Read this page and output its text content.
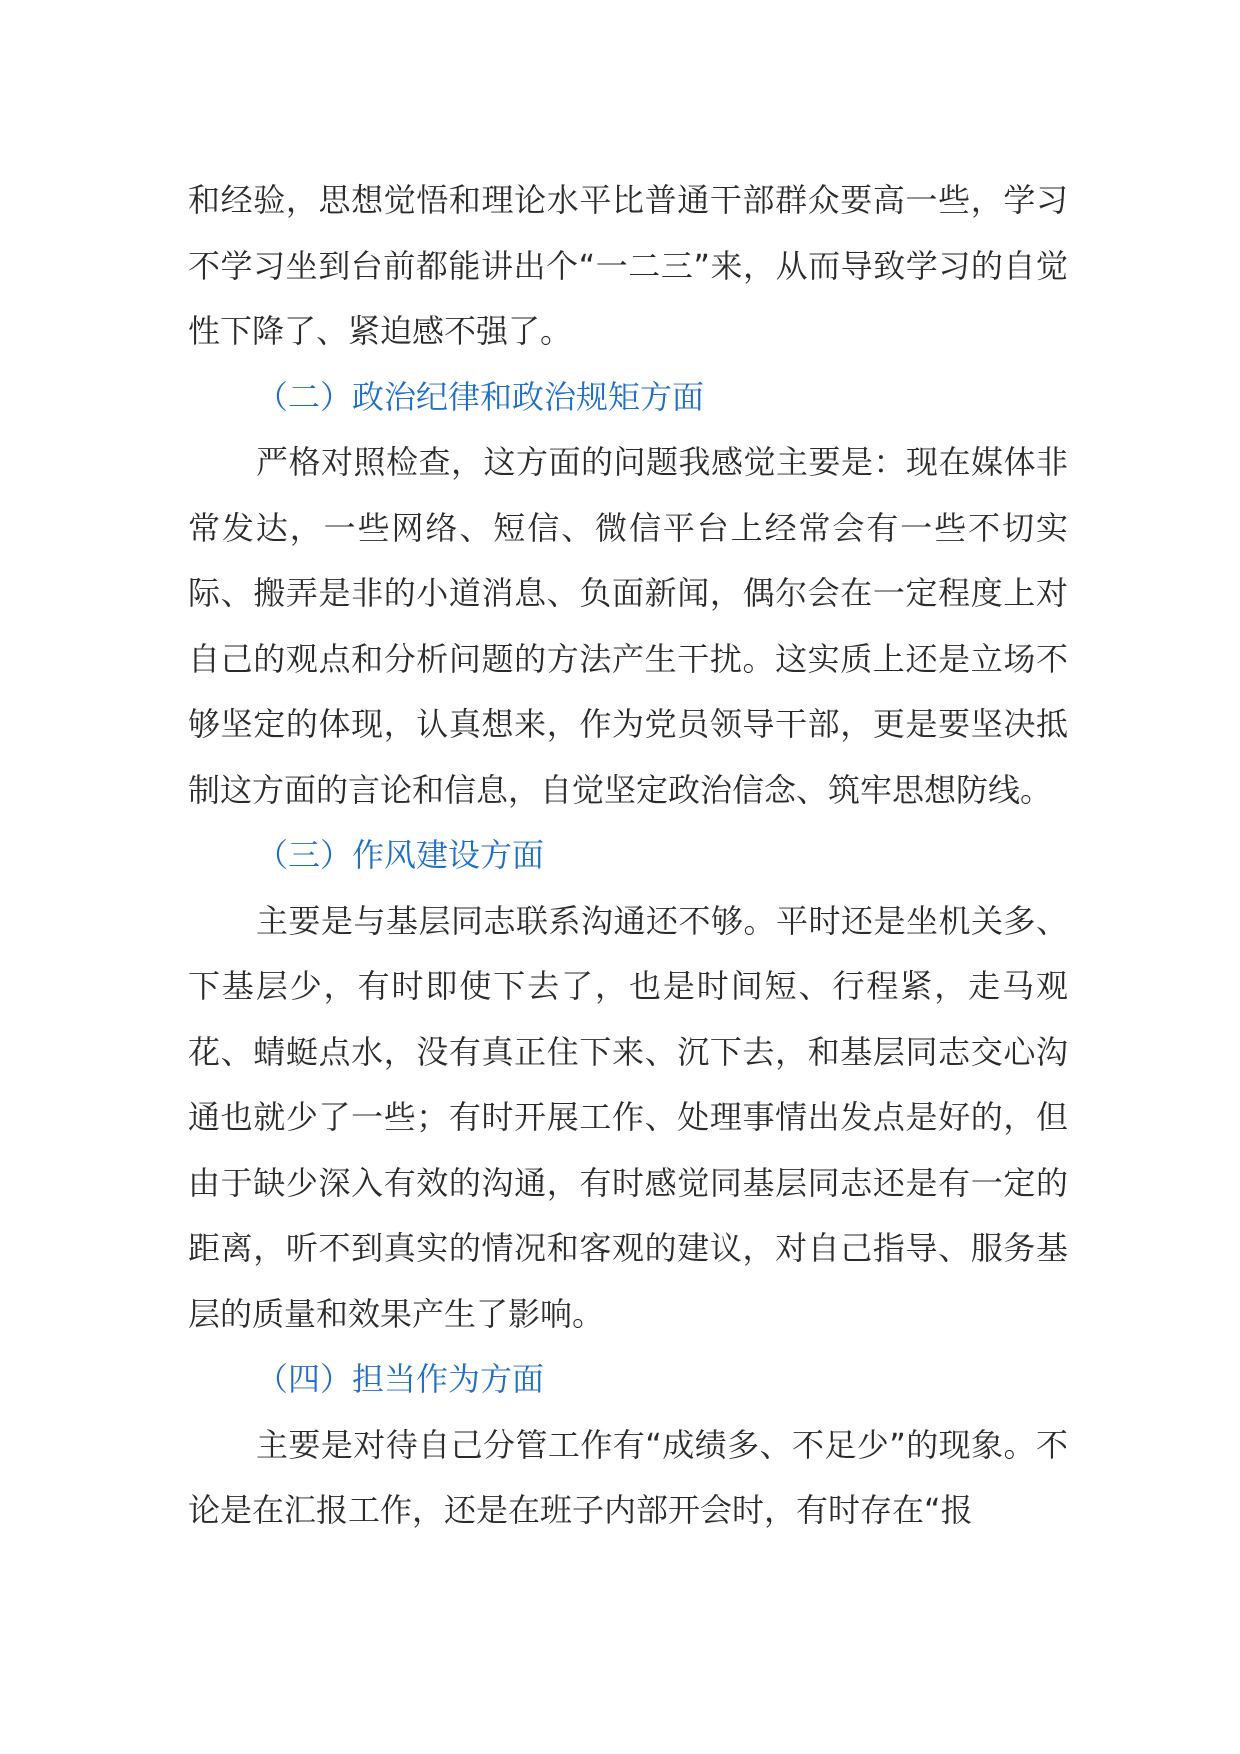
和经验，思想觉悟和理论水平比普通干部群众要高一些，学习不学习坐到台前都能讲出个“一二三”来，从而导致学习的自觉性下降了、紧迫感不强了。

（二）政治纪律和政治规矩方面

严格对照检查，这方面的问题我感觉主要是：现在媒体非常发达，一些网络、短信、微信平台上经常会有一些不切实际、搬弄是非的小道消息、负面新闻，偶尔会在一定程度上对自己的观点和分析问题的方法产生干扰。这实质上还是立场不够坚定的体现，认真想来，作为党员领导干部，更是要坚决抵制这方面的言论和信息，自觉坚定政治信念、筑牢思想防线。

（三）作风建设方面

主要是与基层同志联系沟通还不够。平时还是坐机关多、下基层少，有时即使下去了，也是时间短、行程紧，走马观花、蜻蜓点水，没有真正住下来、沉下去，和基层同志交心沟通也就少了一些；有时开展工作、处理事情出发点是好的，但由于缺少深入有效的沟通，有时感觉同基层同志还是有一定的距离，听不到真实的情况和客观的建议，对自己指导、服务基层的质量和效果产生了影响。

（四）担当作为方面

主要是对待自己分管工作有“成绩多、不足少”的现象。不论是在汇报工作，还是在班子内部开会时，有时存在“报
